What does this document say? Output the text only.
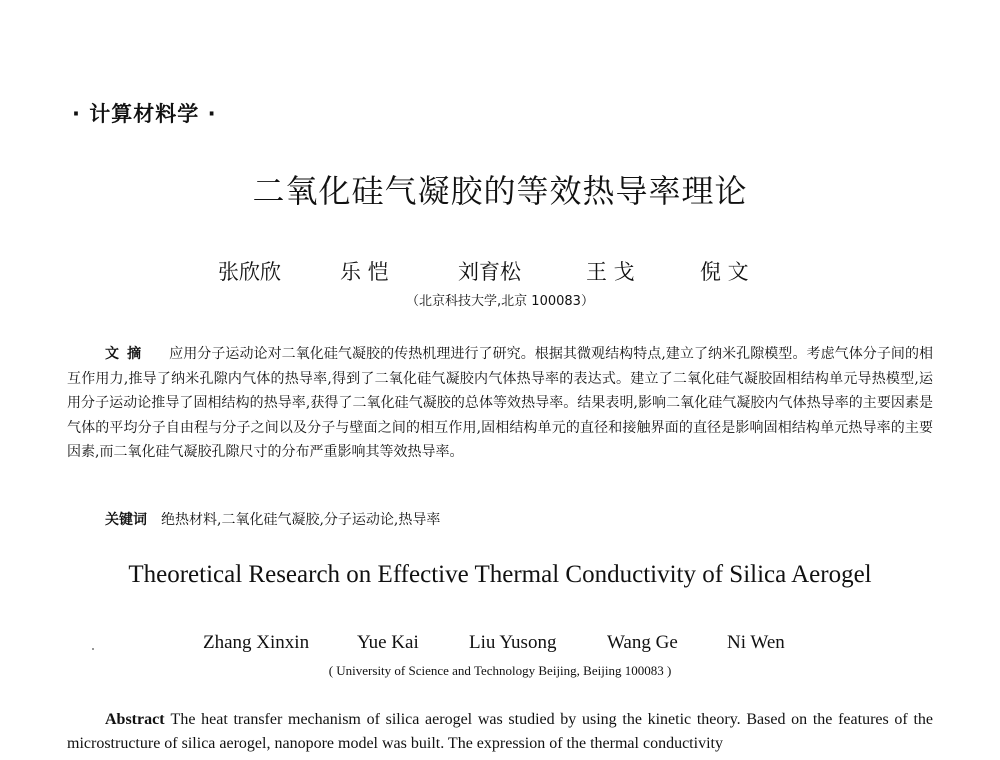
· 计算材料学 ·
二氧化硅气凝胶的等效热导率理论
张欣欣	乐 恺	刘育松	王 戈	倪 文
（北京科技大学,北京 100083）
文摘 应用分子运动论对二氧化硅气凝胶的传热机理进行了研究。根据其微观结构特点,建立了纳米孔隙模型。考虑气体分子间的相互作用力,推导了纳米孔隙内气体的热导率,得到了二氧化硅气凝胶内气体热导率的表达式。建立了二氧化硅气凝胶固相结构单元导热模型,运用分子运动论推导了固相结构的热导率,获得了二氧化硅气凝胶的总体等效热导率。结果表明,影响二氧化硅气凝胶内气体热导率的主要因素是气体的平均分子自由程与分子之间以及分子与壁面之间的相互作用,固相结构单元的直径和接触界面的直径是影响固相结构单元热导率的主要因素,而二氧化硅气凝胶孔隙尺寸的分布严重影响其等效热导率。
关键词 绝热材料,二氧化硅气凝胶,分子运动论,热导率
Theoretical Research on Effective Thermal Conductivity of Silica Aerogel
Zhang Xinxin	Yue Kai	Liu Yusong	Wang Ge	Ni Wen
( University of Science and Technology Beijing, Beijing 100083 )
Abstract The heat transfer mechanism of silica aerogel was studied by using the kinetic theory. Based on the features of the microstructure of silica aerogel, nanopore model was built. The expression of the thermal conductivity
